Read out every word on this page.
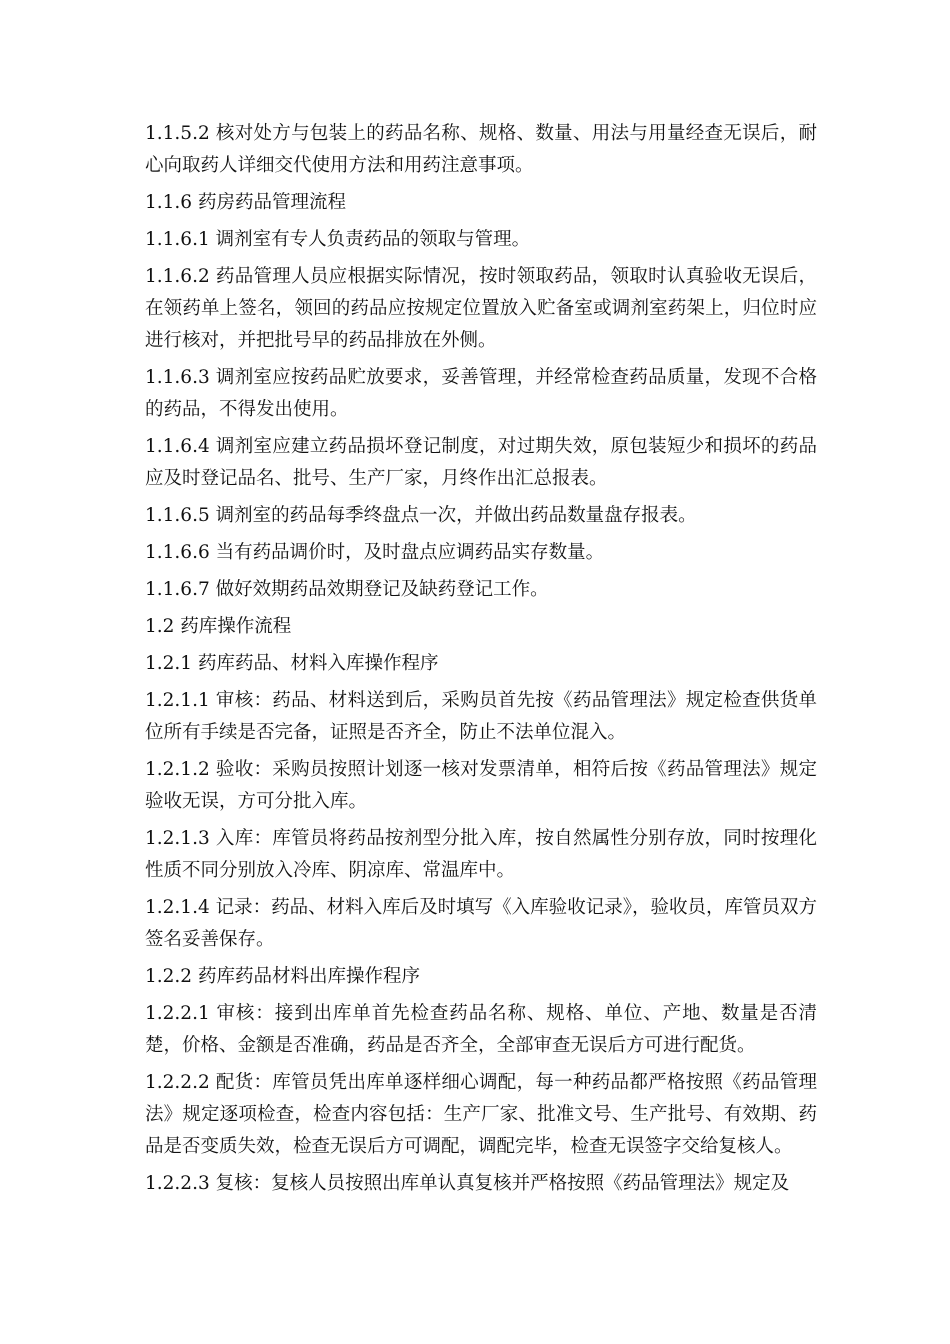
1.1.5.2 核对处方与包装上的药品名称、规格、数量、用法与用量经查无误后，耐心向取药人详细交代使用方法和用药注意事项。

1.1.6 药房药品管理流程

1.1.6.1 调剂室有专人负责药品的领取与管理。

1.1.6.2 药品管理人员应根据实际情况，按时领取药品，领取时认真验收无误后，在领药单上签名，领回的药品应按规定位置放入贮备室或调剂室药架上，归位时应进行核对，并把批号早的药品排放在外侧。

1.1.6.3 调剂室应按药品贮放要求，妥善管理，并经常检查药品质量，发现不合格的药品，不得发出使用。

1.1.6.4 调剂室应建立药品损坏登记制度，对过期失效，原包装短少和损坏的药品应及时登记品名、批号、生产厂家，月终作出汇总报表。

1.1.6.5 调剂室的药品每季终盘点一次，并做出药品数量盘存报表。

1.1.6.6 当有药品调价时，及时盘点应调药品实存数量。

1.1.6.7 做好效期药品效期登记及缺药登记工作。

1.2 药库操作流程

1.2.1 药库药品、材料入库操作程序

1.2.1.1 审核：药品、材料送到后，采购员首先按《药品管理法》规定检查供货单位所有手续是否完备，证照是否齐全，防止不法单位混入。

1.2.1.2 验收：采购员按照计划逐一核对发票清单，相符后按《药品管理法》规定验收无误，方可分批入库。

1.2.1.3 入库：库管员将药品按剂型分批入库，按自然属性分别存放，同时按理化性质不同分别放入冷库、阴凉库、常温库中。

1.2.1.4 记录：药品、材料入库后及时填写《入库验收记录》，验收员，库管员双方签名妥善保存。

1.2.2 药库药品材料出库操作程序

1.2.2.1 审核：接到出库单首先检查药品名称、规格、单位、产地、数量是否清楚，价格、金额是否准确，药品是否齐全，全部审查无误后方可进行配货。

1.2.2.2 配货：库管员凭出库单逐样细心调配，每一种药品都严格按照《药品管理法》规定逐项检查，检查内容包括：生产厂家、批准文号、生产批号、有效期、药品是否变质失效，检查无误后方可调配，调配完毕，检查无误签字交给复核人。

1.2.2.3 复核：复核人员按照出库单认真复核并严格按照《药品管理法》规定及
